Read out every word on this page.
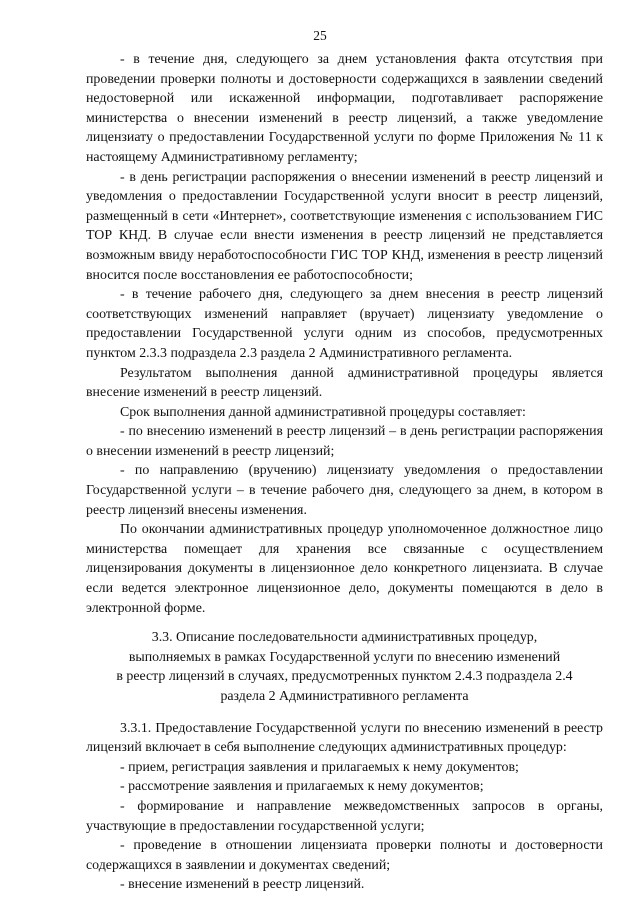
25

- в течение дня, следующего за днем установления факта отсутствия при проведении проверки полноты и достоверности содержащихся в заявлении сведений недостоверной или искаженной информации, подготавливает распоряжение министерства о внесении изменений в реестр лицензий, а также уведомление лицензиату о предоставлении Государственной услуги по форме Приложения № 11 к настоящему Административному регламенту;

- в день регистрации распоряжения о внесении изменений в реестр лицензий и уведомления о предоставлении Государственной услуги вносит в реестр лицензий, размещенный в сети «Интернет», соответствующие изменения с использованием ГИС ТОР КНД. В случае если внести изменения в реестр лицензий не представляется возможным ввиду неработоспособности ГИС ТОР КНД, изменения в реестр лицензий вносится после восстановления ее работоспособности;

- в течение рабочего дня, следующего за днем внесения в реестр лицензий соответствующих изменений направляет (вручает) лицензиату уведомление о предоставлении Государственной услуги одним из способов, предусмотренных пунктом 2.3.3 подраздела 2.3 раздела 2 Административного регламента.

Результатом выполнения данной административной процедуры является внесение изменений в реестр лицензий.

Срок выполнения данной административной процедуры составляет:

- по внесению изменений в реестр лицензий – в день регистрации распоряжения о внесении изменений в реестр лицензий;

- по направлению (вручению) лицензиату уведомления о предоставлении Государственной услуги – в течение рабочего дня, следующего за днем, в котором в реестр лицензий внесены изменения.

По окончании административных процедур уполномоченное должностное лицо министерства помещает для хранения все связанные с осуществлением лицензирования документы в лицензионное дело конкретного лицензиата. В случае если ведется электронное лицензионное дело, документы помещаются в дело в электронной форме.

3.3. Описание последовательности административных процедур,
выполняемых в рамках Государственной услуги по внесению изменений
в реестр лицензий в случаях, предусмотренных пунктом 2.4.3 подраздела 2.4
раздела 2 Административного регламента

3.3.1. Предоставление Государственной услуги по внесению изменений в реестр лицензий включает в себя выполнение следующих административных процедур:

- прием, регистрация заявления и прилагаемых к нему документов;

- рассмотрение заявления и прилагаемых к нему документов;

- формирование и направление межведомственных запросов в органы, участвующие в предоставлении государственной услуги;

- проведение в отношении лицензиата проверки полноты и достоверности содержащихся в заявлении и документах сведений;

- внесение изменений в реестр лицензий.
